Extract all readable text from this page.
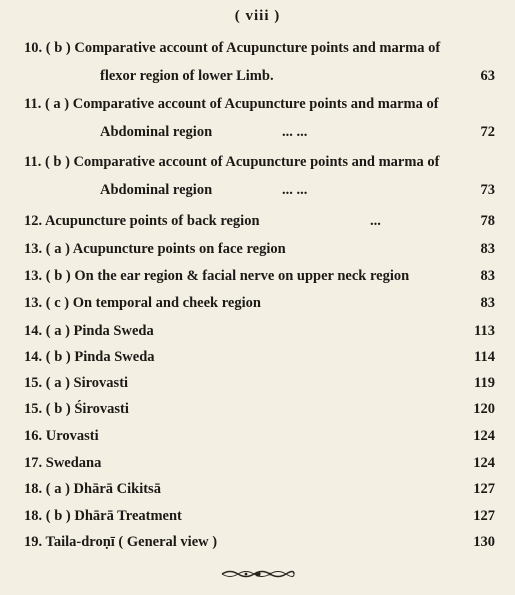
( viii )
10. ( b ) Comparative account of Acupuncture points and marma of
flexor region of lower Limb.	63
11. ( a ) Comparative account of Acupuncture points and marma of
Abdominal region	... ...	72
11. ( b ) Comparative account of Acupuncture points and marma of
Abdominal region	... ...	73
12. Acupuncture points of back region	...	78
13. ( a ) Acupuncture points on face region	83
13. ( b ) On the ear region & facial nerve on upper neck region	83
13. ( c ) On temporal and cheek region	83
14. ( a ) Pinda Sweda	113
14. ( b ) Pinda Sweda	114
15. ( a ) Sirovasti	119
15. ( b ) Śirovasti	120
16. Urovasti	124
17. Swedana	124
18. ( a ) Dhārā Cikitsā	127
18. ( b ) Dhārā Treatment	127
19. Taila-droṇī ( General view )	130
